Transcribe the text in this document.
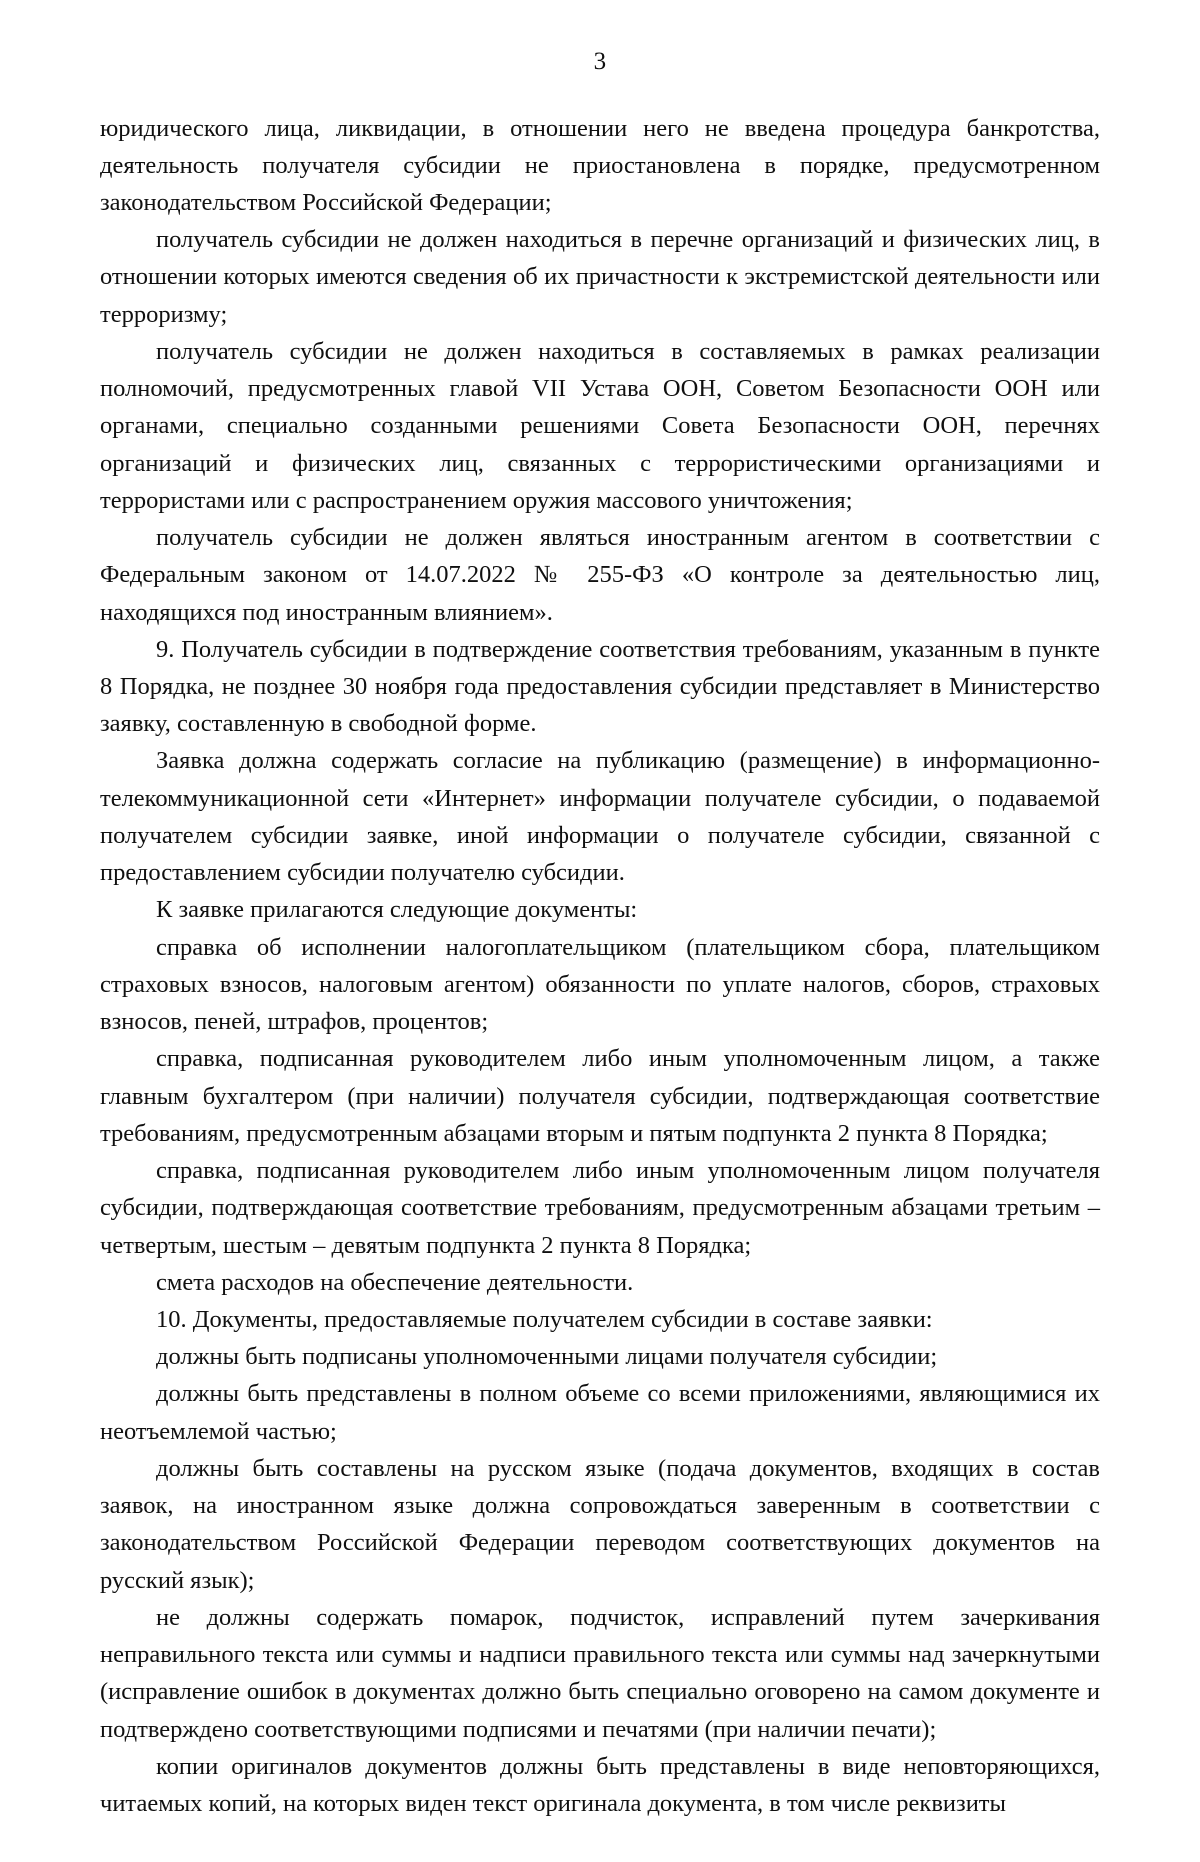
3

юридического лица, ликвидации, в отношении него не введена процедура банкротства, деятельность получателя субсидии не приостановлена в порядке, предусмотренном законодательством Российской Федерации;

получатель субсидии не должен находиться в перечне организаций и физических лиц, в отношении которых имеются сведения об их причастности к экстремистской деятельности или терроризму;

получатель субсидии не должен находиться в составляемых в рамках реализации полномочий, предусмотренных главой VII Устава ООН, Советом Безопасности ООН или органами, специально созданными решениями Совета Безопасности ООН, перечнях организаций и физических лиц, связанных с террористическими организациями и террористами или с распространением оружия массового уничтожения;

получатель субсидии не должен являться иностранным агентом в соответствии с Федеральным законом от 14.07.2022 № 255-ФЗ «О контроле за деятельностью лиц, находящихся под иностранным влиянием».

9. Получатель субсидии в подтверждение соответствия требованиям, указанным в пункте 8 Порядка, не позднее 30 ноября года предоставления субсидии представляет в Министерство заявку, составленную в свободной форме.

Заявка должна содержать согласие на публикацию (размещение) в информационно-телекоммуникационной сети «Интернет» информации получателе субсидии, о подаваемой получателем субсидии заявке, иной информации о получателе субсидии, связанной с предоставлением субсидии получателю субсидии.

К заявке прилагаются следующие документы:

справка об исполнении налогоплательщиком (плательщиком сбора, плательщиком страховых взносов, налоговым агентом) обязанности по уплате налогов, сборов, страховых взносов, пеней, штрафов, процентов;

справка, подписанная руководителем либо иным уполномоченным лицом, а также главным бухгалтером (при наличии) получателя субсидии, подтверждающая соответствие требованиям, предусмотренным абзацами вторым и пятым подпункта 2 пункта 8 Порядка;

справка, подписанная руководителем либо иным уполномоченным лицом получателя субсидии, подтверждающая соответствие требованиям, предусмотренным абзацами третьим – четвертым, шестым – девятым подпункта 2 пункта 8 Порядка;

смета расходов на обеспечение деятельности.

10. Документы, предоставляемые получателем субсидии в составе заявки:

должны быть подписаны уполномоченными лицами получателя субсидии;

должны быть представлены в полном объеме со всеми приложениями, являющимися их неотъемлемой частью;

должны быть составлены на русском языке (подача документов, входящих в состав заявок, на иностранном языке должна сопровождаться заверенным в соответствии с законодательством Российской Федерации переводом соответствующих документов на русский язык);

не должны содержать помарок, подчисток, исправлений путем зачеркивания неправильного текста или суммы и надписи правильного текста или суммы над зачеркнутыми (исправление ошибок в документах должно быть специально оговорено на самом документе и подтверждено соответствующими подписями и печатями (при наличии печати);

копии оригиналов документов должны быть представлены в виде неповторяющихся, читаемых копий, на которых виден текст оригинала документа, в том числе реквизиты
